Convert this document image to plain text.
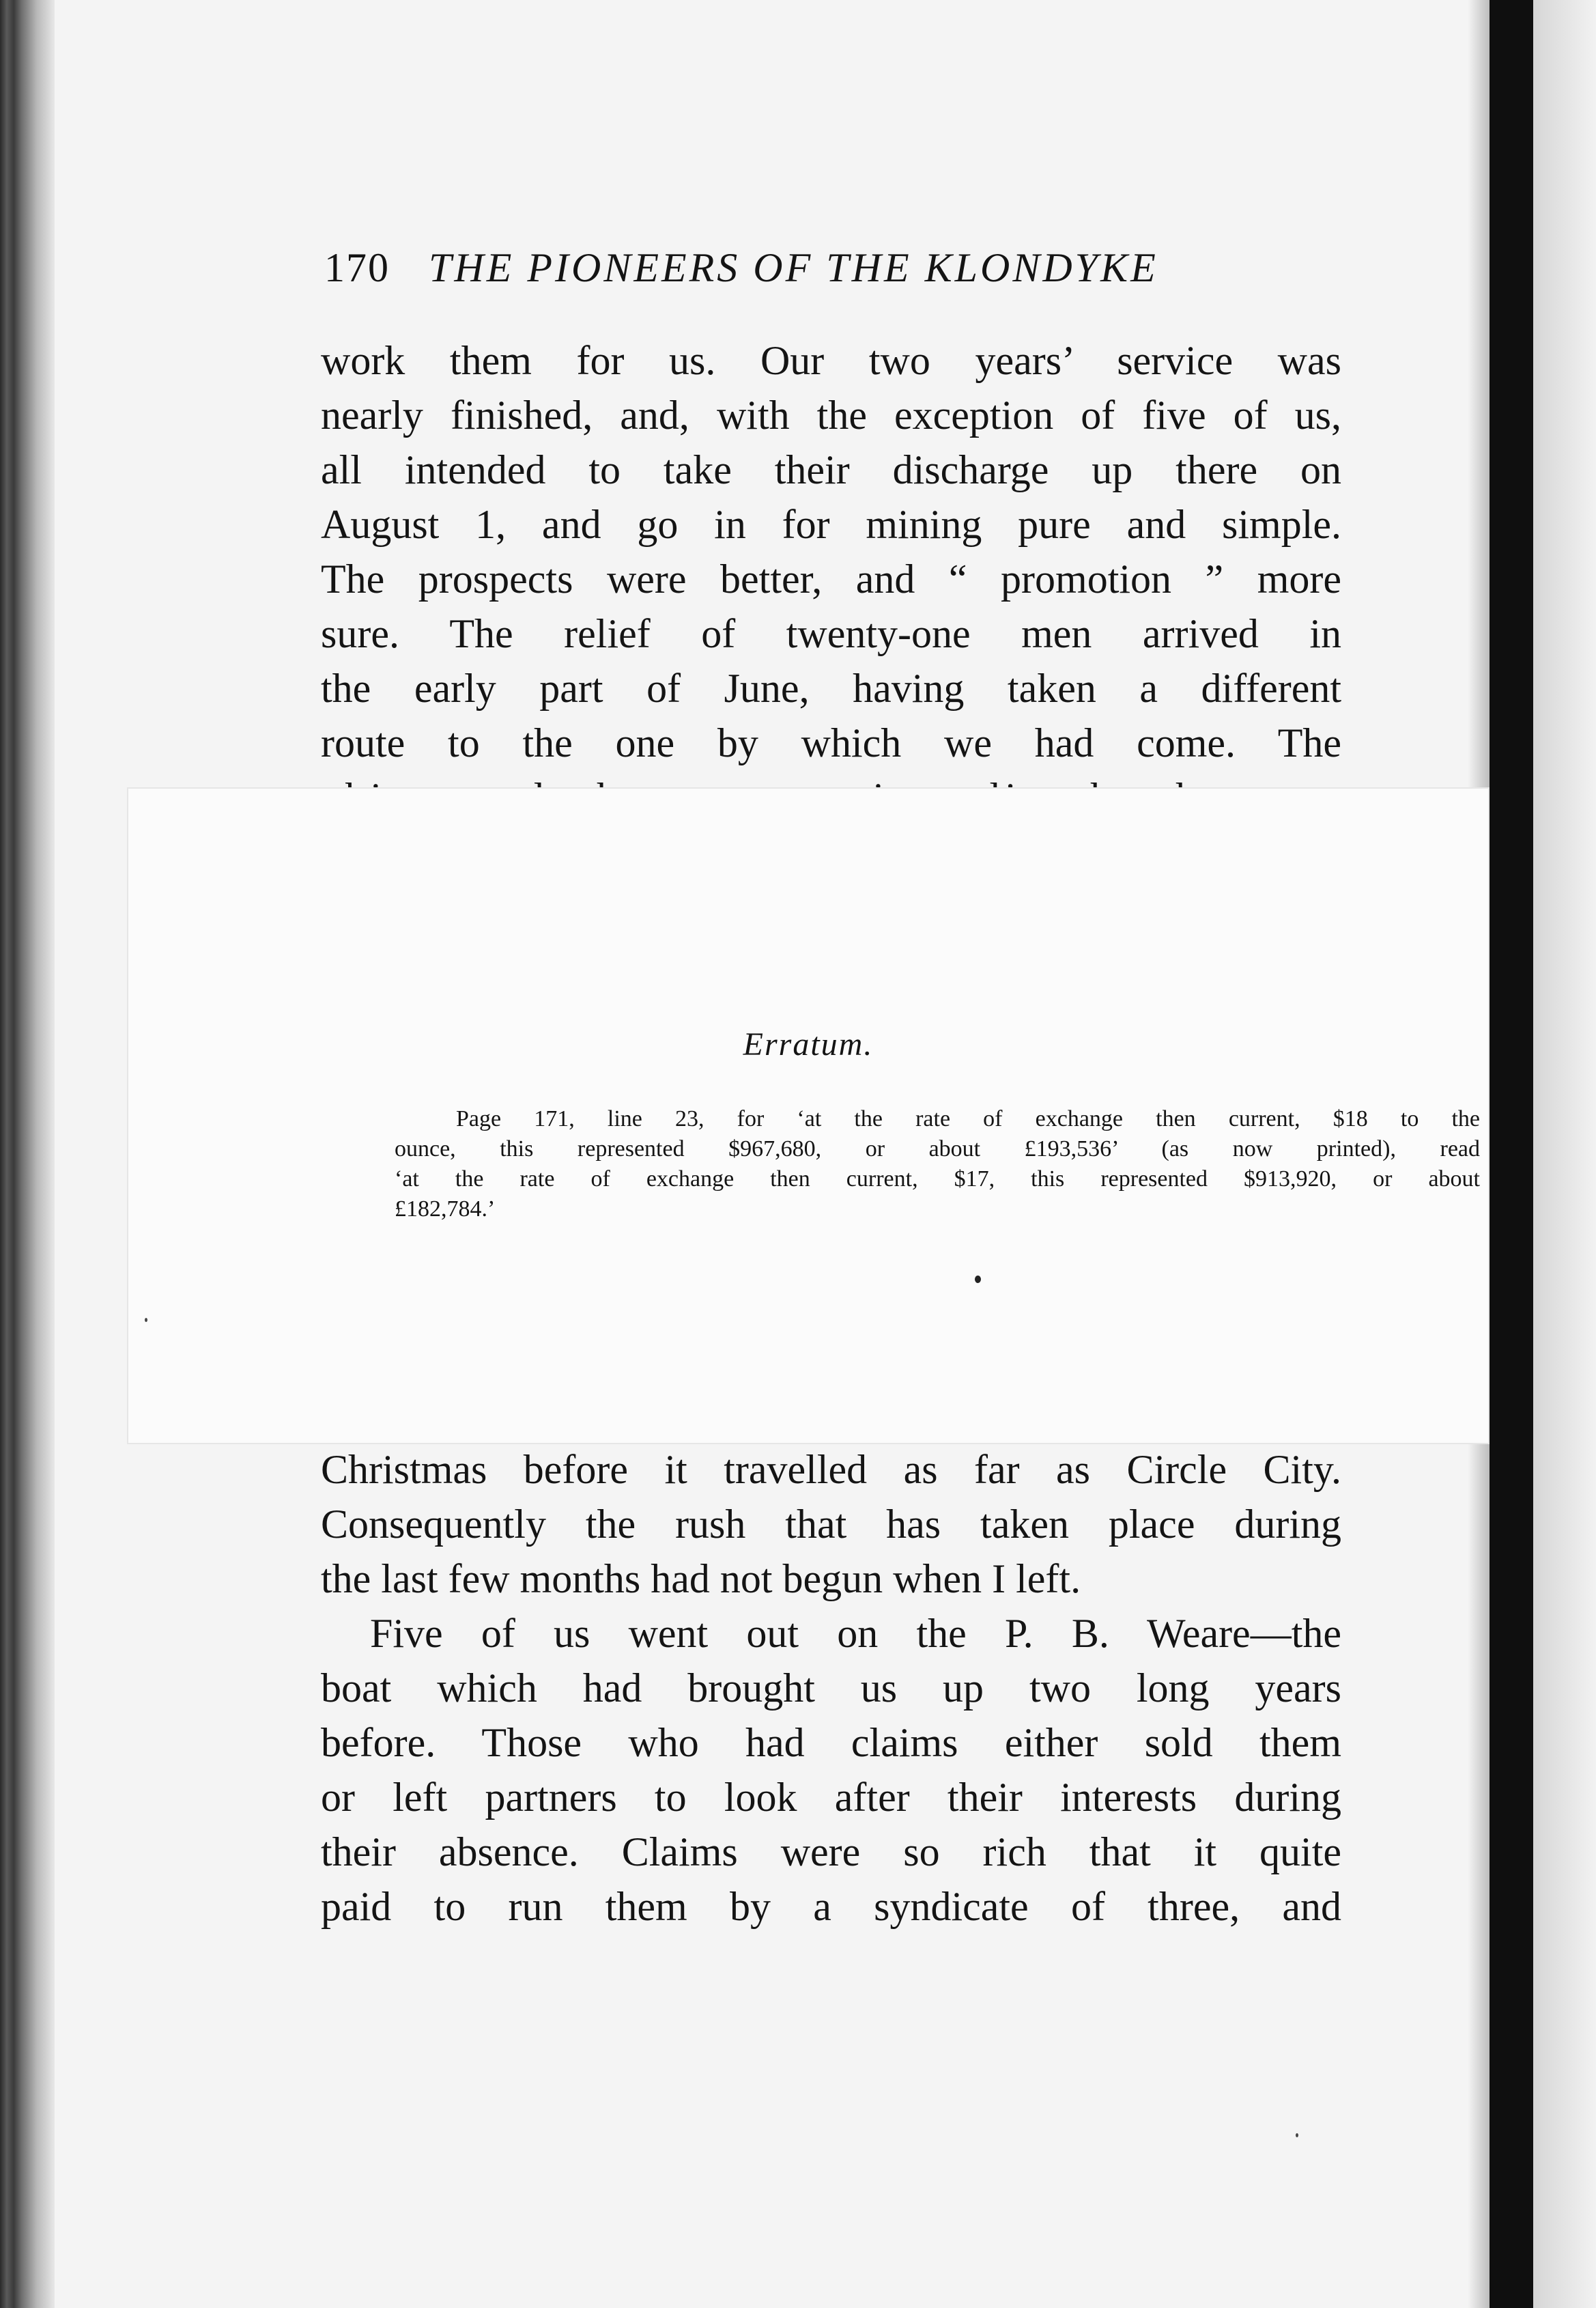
170 THE PIONEERS OF THE KLONDYKE
work them for us. Our two years’ service was
nearly finished, and, with the exception of five of us,
all intended to take their discharge up there on
August 1, and go in for mining pure and simple.
The prospects were better, and “ promotion ” more
sure. The relief of twenty-one men arrived in
the early part of June, having taken a different
route to the one by which we had come. The
Erratum.
Page 171, line 23, for ‘at the rate of exchange then current, $18 to the
ounce, this represented $967,680, or about £193,536’ (as now printed), read
‘at the rate of exchange then current, $17, this represented $913,920, or about
£182,784.’
Christmas before it travelled as far as Circle City.
Consequently the rush that has taken place during
the last few months had not begun when I left.
Five of us went out on the P. B. Weare—the
boat which had brought us up two long years
before. Those who had claims either sold them
or left partners to look after their interests during
their absence. Claims were so rich that it quite
paid to run them by a syndicate of three, and
